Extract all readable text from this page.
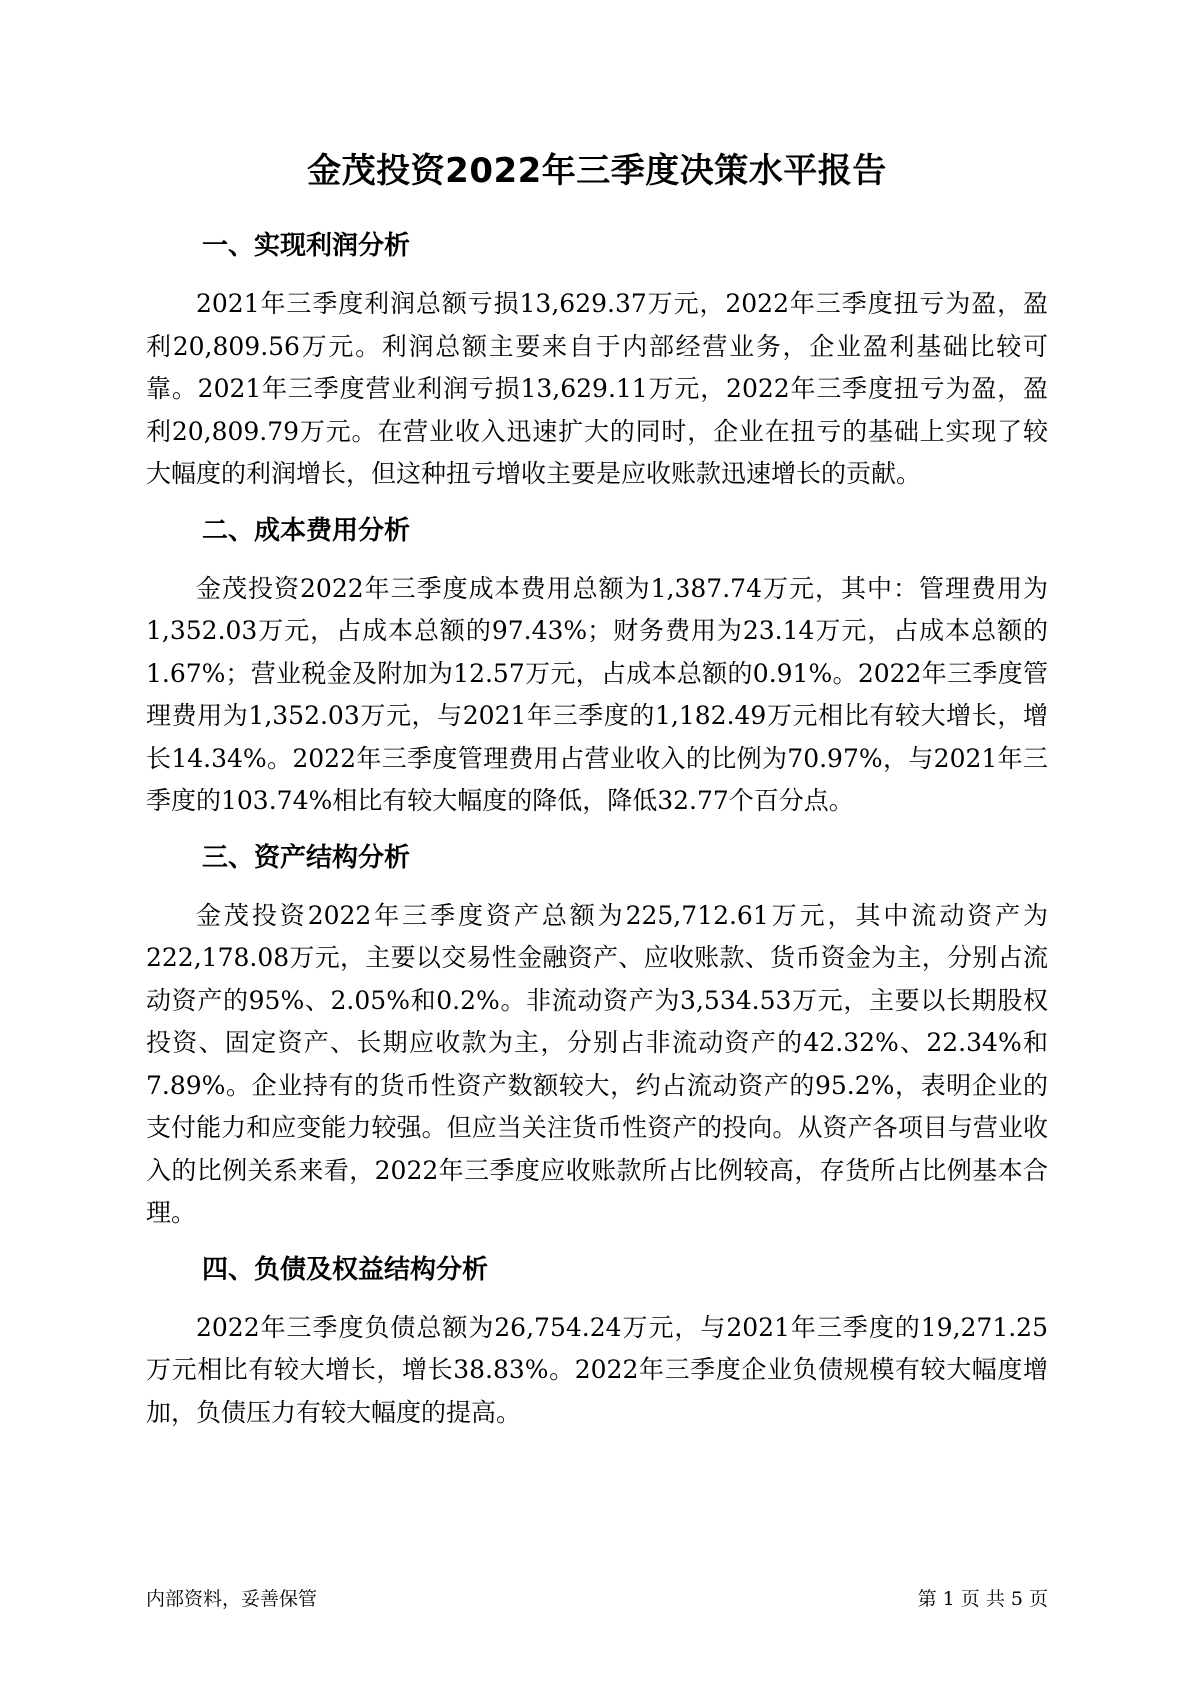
金茂投资2022年三季度决策水平报告
一、实现利润分析

2021年三季度利润总额亏损13,629.37万元，2022年三季度扭亏为盈，盈利20,809.56万元。利润总额主要来自于内部经营业务，企业盈利基础比较可靠。2021年三季度营业利润亏损13,629.11万元，2022年三季度扭亏为盈，盈利20,809.79万元。在营业收入迅速扩大的同时，企业在扭亏的基础上实现了较大幅度的利润增长，但这种扭亏增收主要是应收账款迅速增长的贡献。

二、成本费用分析

金茂投资2022年三季度成本费用总额为1,387.74万元，其中：管理费用为1,352.03万元，占成本总额的97.43%；财务费用为23.14万元，占成本总额的1.67%；营业税金及附加为12.57万元，占成本总额的0.91%。2022年三季度管理费用为1,352.03万元，与2021年三季度的1,182.49万元相比有较大增长，增长14.34%。2022年三季度管理费用占营业收入的比例为70.97%，与2021年三季度的103.74%相比有较大幅度的降低，降低32.77个百分点。

三、资产结构分析

金茂投资2022年三季度资产总额为225,712.61万元，其中流动资产为222,178.08万元，主要以交易性金融资产、应收账款、货币资金为主，分别占流动资产的95%、2.05%和0.2%。非流动资产为3,534.53万元，主要以长期股权投资、固定资产、长期应收款为主，分别占非流动资产的42.32%、22.34%和7.89%。企业持有的货币性资产数额较大，约占流动资产的95.2%，表明企业的支付能力和应变能力较强。但应当关注货币性资产的投向。从资产各项目与营业收入的比例关系来看，2022年三季度应收账款所占比例较高，存货所占比例基本合理。

四、负债及权益结构分析

2022年三季度负债总额为26,754.24万元，与2021年三季度的19,271.25万元相比有较大增长，增长38.83%。2022年三季度企业负债规模有较大幅度增加，负债压力有较大幅度的提高。

内部资料，妥善保管	第 1 页 共 5 页
